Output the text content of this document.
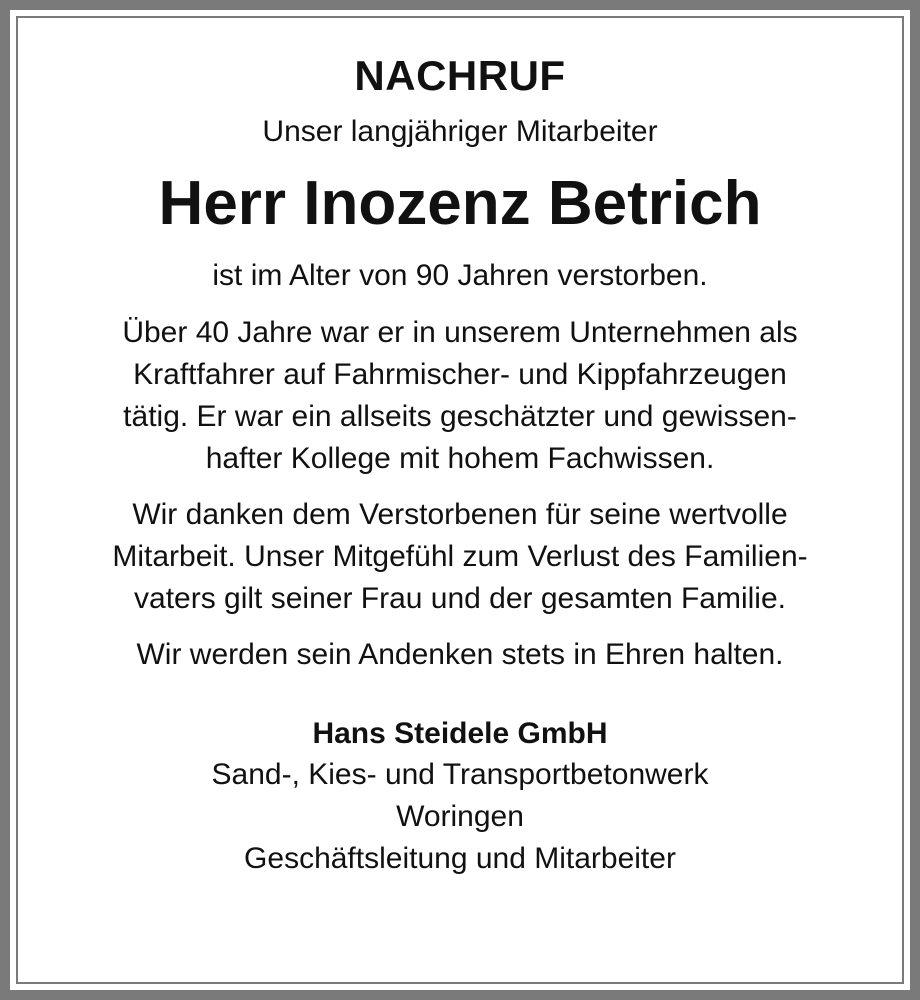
NACHRUF
Unser langjähriger Mitarbeiter
Herr Inozenz Betrich
ist im Alter von 90 Jahren verstorben.
Über 40 Jahre war er in unserem Unternehmen als
Kraftfahrer auf Fahrmischer- und Kippfahrzeugen
tätig. Er war ein allseits geschätzter und gewissen-
hafter Kollege mit hohem Fachwissen.
Wir danken dem Verstorbenen für seine wertvolle
Mitarbeit. Unser Mitgefühl zum Verlust des Familien-
vaters gilt seiner Frau und der gesamten Familie.
Wir werden sein Andenken stets in Ehren halten.
Hans Steidele GmbH
Sand-, Kies- und Transportbetonwerk
Woringen
Geschäftsleitung und Mitarbeiter
